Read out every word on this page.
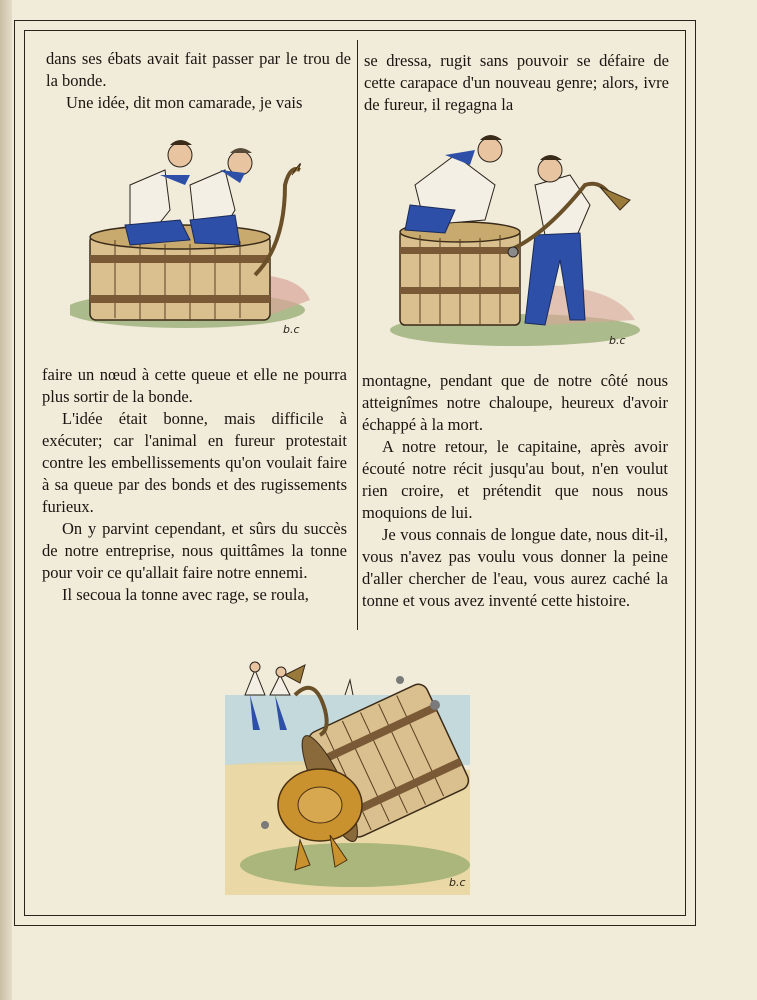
dans ses ébats avait fait passer par le trou de la bonde.

Une idée, dit mon camarade, je vais

se dressa, rugit sans pouvoir se défaire de cette carapace d'un nouveau genre; alors, ivre de fureur, il regagna la

b.c
b.c

faire un nœud à cette queue et elle ne pourra plus sortir de la bonde.

L'idée était bonne, mais difficile à exécuter; car l'animal en fureur protestait contre les embellissements qu'on voulait faire à sa queue par des bonds et des rugissements furieux.

On y parvint cependant, et sûrs du succès de notre entreprise, nous quittâmes la tonne pour voir ce qu'allait faire notre ennemi.

Il secoua la tonne avec rage, se roula,

montagne, pendant que de notre côté nous atteignîmes notre chaloupe, heureux d'avoir échappé à la mort.

A notre retour, le capitaine, après avoir écouté notre récit jusqu'au bout, n'en voulut rien croire, et prétendit que nous nous moquions de lui.

Je vous connais de longue date, nous dit-il, vous n'avez pas voulu vous donner la peine d'aller chercher de l'eau, vous aurez caché la tonne et vous avez inventé cette histoire.

b.c
